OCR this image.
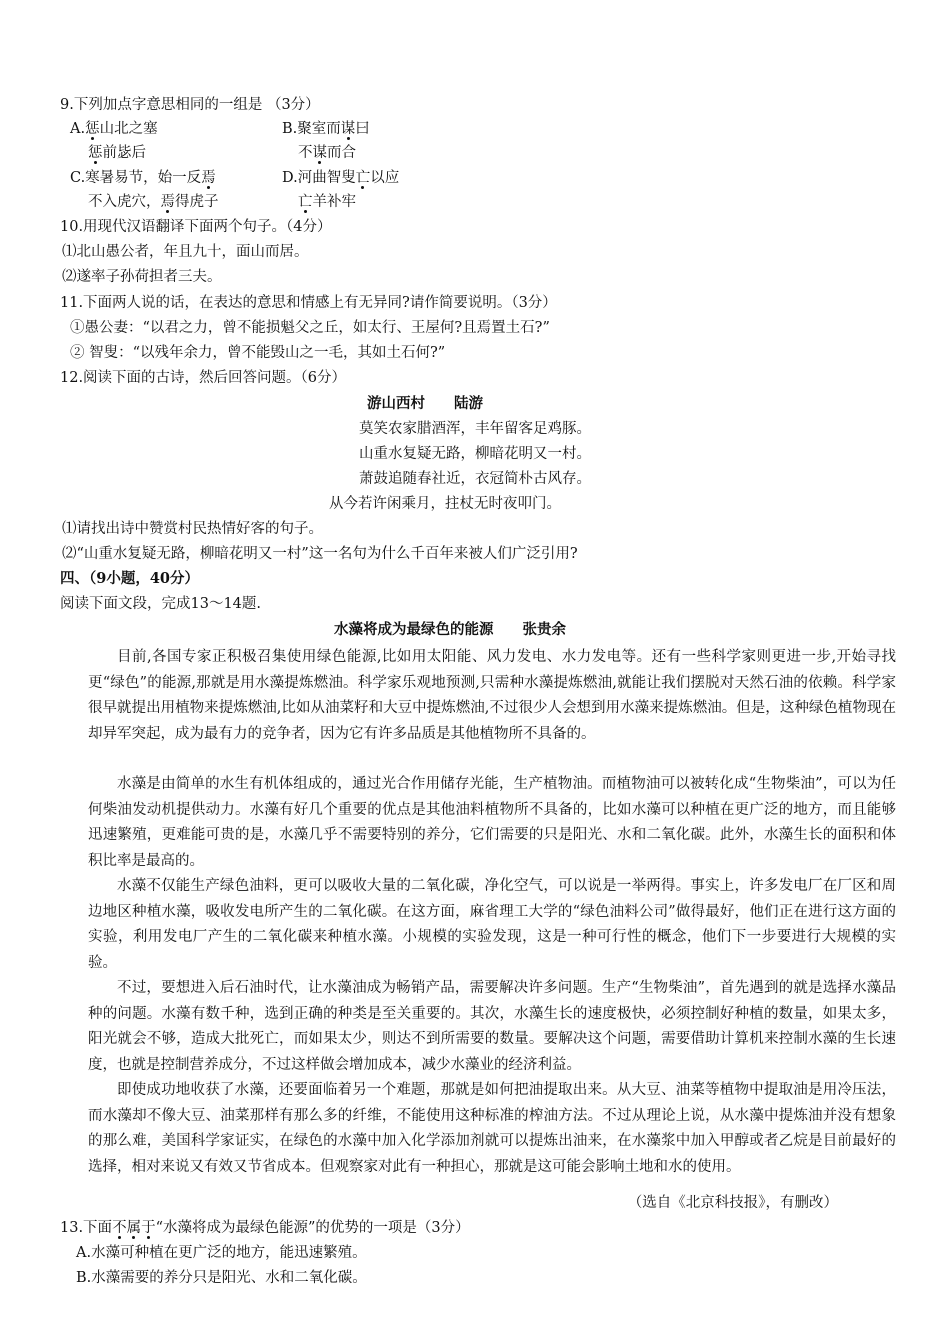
9.下列加点字意思相同的一组是 （3分）
A.惩山北之塞	B.聚室而谋曰
惩前毖后	不谋而合
C.寒暑易节，始一反焉	D.河曲智叟亡以应
不入虎穴，焉得虎子	亡羊补牢
10.用现代汉语翻译下面两个句子。（4分）
⑴北山愚公者，年且九十，面山而居。
⑵遂率子孙荷担者三夫。
11.下面两人说的话，在表达的意思和情感上有无异同?请作简要说明。（3分）
①愚公妻：“以君之力，曾不能损魁父之丘，如太行、王屋何?且焉置土石?”
② 智叟：“以残年余力，曾不能毁山之一毛，其如土石何?”
12.阅读下面的古诗，然后回答问题。（6分）
游山西村　　陆游
莫笑农家腊酒浑，丰年留客足鸡豚。
山重水复疑无路，柳暗花明又一村。
萧鼓追随春社近，衣冠简朴古风存。
从今若许闲乘月，拄杖无时夜叩门。
⑴请找出诗中赞赏村民热情好客的句子。
⑵“山重水复疑无路，柳暗花明又一村”这一名句为什么千百年来被人们广泛引用?
四、（9小题，40分）
阅读下面文段，完成13～14题.
水藻将成为最绿色的能源　　张贵余
目前,各国专家正积极召集使用绿色能源,比如用太阳能、风力发电、水力发电等。还有一些科学家则更进一步,开始寻找更“绿色”的能源,那就是用水藻提炼燃油。科学家乐观地预测,只需种水藻提炼燃油,就能让我们摆脱对天然石油的依赖。科学家很早就提出用植物来提炼燃油,比如从油菜籽和大豆中提炼燃油,不过很少人会想到用水藻来提炼燃油。但是，这种绿色植物现在却异军突起，成为最有力的竞争者，因为它有许多品质是其他植物所不具备的。
水藻是由简单的水生有机体组成的，通过光合作用储存光能，生产植物油。而植物油可以被转化成“生物柴油”，可以为任何柴油发动机提供动力。水藻有好几个重要的优点是其他油料植物所不具备的，比如水藻可以种植在更广泛的地方，而且能够迅速繁殖，更难能可贵的是，水藻几乎不需要特别的养分，它们需要的只是阳光、水和二氧化碳。此外，水藻生长的面积和体积比率是最高的。
水藻不仅能生产绿色油料，更可以吸收大量的二氧化碳，净化空气，可以说是一举两得。事实上，许多发电厂在厂区和周边地区种植水藻，吸收发电所产生的二氧化碳。在这方面，麻省理工大学的“绿色油料公司”做得最好，他们正在进行这方面的实验，利用发电厂产生的二氧化碳来种植水藻。小规模的实验发现，这是一种可行性的概念，他们下一步要进行大规模的实验。
不过，要想进入后石油时代，让水藻油成为畅销产品，需要解决许多问题。生产“生物柴油”，首先遇到的就是选择水藻品种的问题。水藻有数千种，选到正确的种类是至关重要的。其次，水藻生长的速度极快，必须控制好种植的数量，如果太多，阳光就会不够，造成大批死亡，而如果太少，则达不到所需要的数量。要解决这个问题，需要借助计算机来控制水藻的生长速度，也就是控制营养成分，不过这样做会增加成本，减少水藻业的经济利益。
即使成功地收获了水藻，还要面临着另一个难题，那就是如何把油提取出来。从大豆、油菜等植物中提取油是用冷压法，而水藻却不像大豆、油菜那样有那么多的纤维，不能使用这种标准的榨油方法。不过从理论上说，从水藻中提炼油并没有想象的那么难，美国科学家证实，在绿色的水藻中加入化学添加剂就可以提炼出油来，在水藻浆中加入甲醇或者乙烷是目前最好的选择，相对来说又有效又节省成本。但观察家对此有一种担心，那就是这可能会影响土地和水的使用。
（选自《北京科技报》，有删改）
13.下面不属于“水藻将成为最绿色能源”的优势的一项是（3分）
A.水藻可种植在更广泛的地方，能迅速繁殖。
B.水藻需要的养分只是阳光、水和二氧化碳。
